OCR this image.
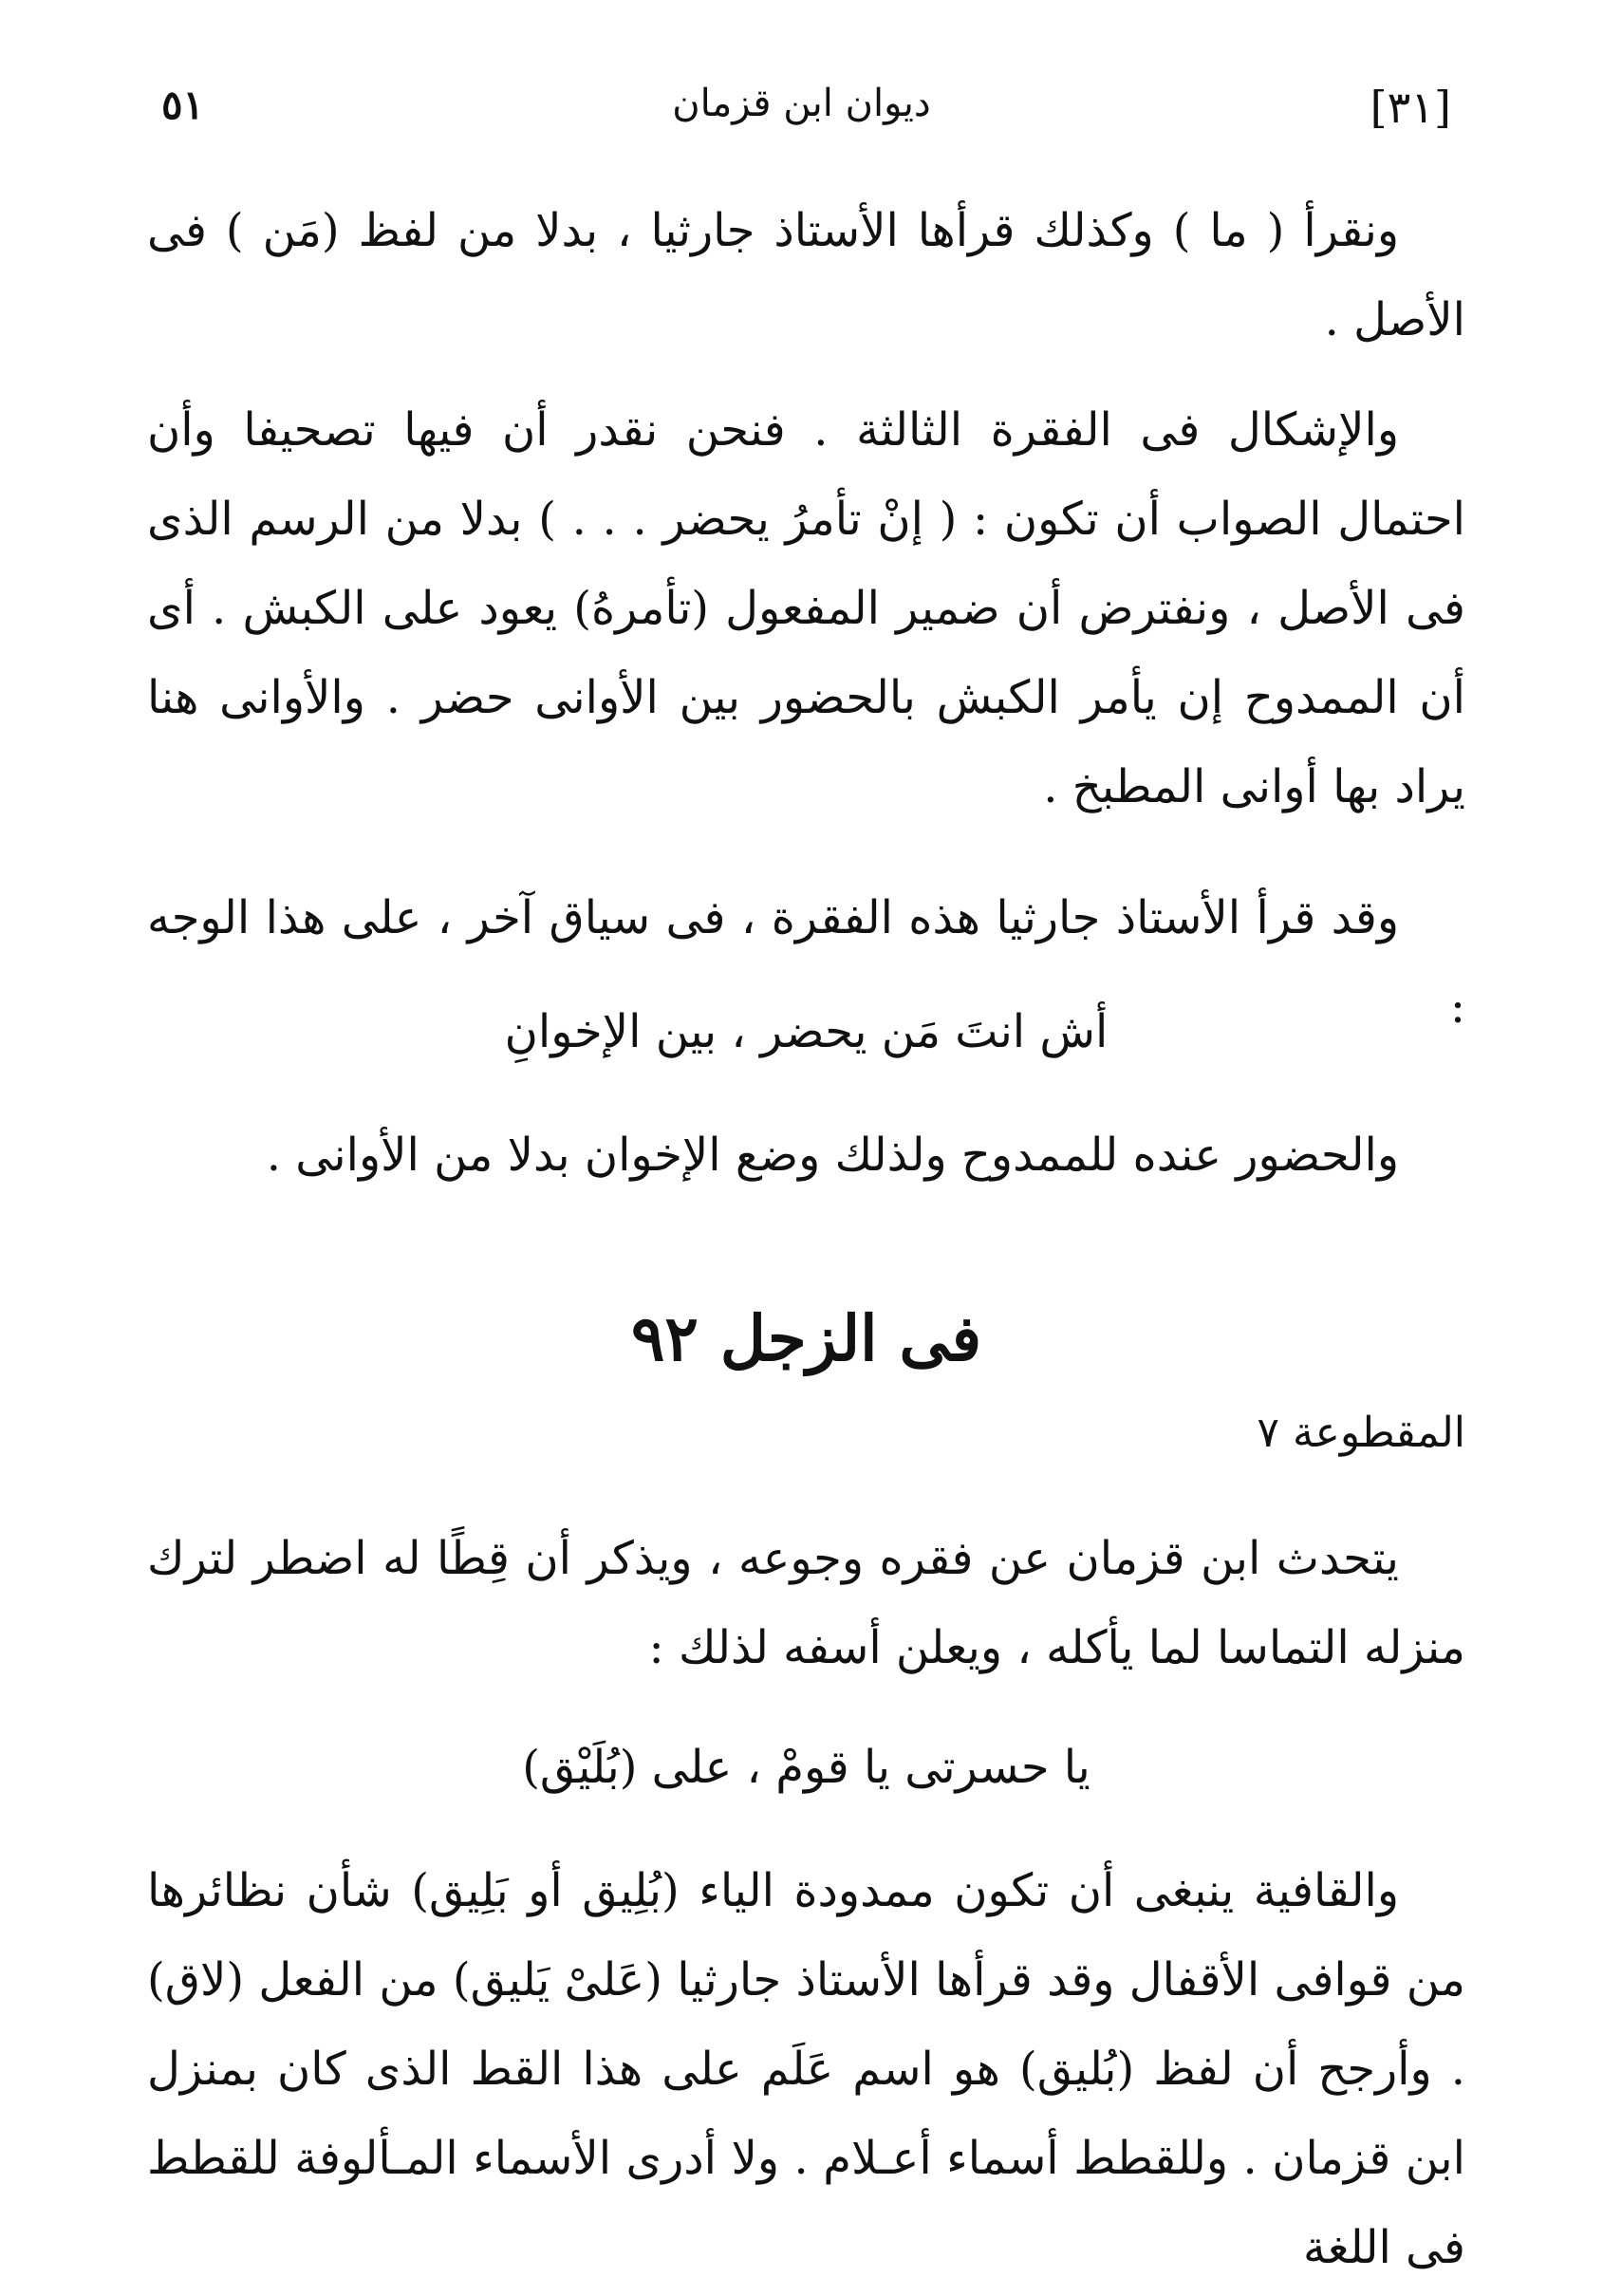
[٣١]
ديوان ابن قزمان
٥١

ونقرأ ( ما ) وكذلك قرأها الأستاذ جارثيا ، بدلا من لفظ (مَن ) فى الأصل .

والإشكال فى الفقرة الثالثة . فنحن نقدر أن فيها تصحيفا وأن احتمال الصواب أن تكون : ( إنْ تأمرُ يحضر . . . ) بدلا من الرسم الذى فى الأصل ، ونفترض أن ضمير المفعول (تأمرهُ) يعود على الكبش . أى أن الممدوح إن يأمر الكبش بالحضور بين الأوانى حضر . والأوانى هنا يراد بها أوانى المطبخ .

وقد قرأ الأستاذ جارثيا هذه الفقرة ، فى سياق آخر ، على هذا الوجه :

أش انتَ مَن يحضر ، بين الإخوانِ

والحضور عنده للممدوح ولذلك وضع الإخوان بدلا من الأوانى .

فى الزجل ٩٢
المقطوعة ٧

يتحدث ابن قزمان عن فقره وجوعه ، ويذكر أن قِطًا له اضطر لترك منزله التماسا لما يأكله ، ويعلن أسفه لذلك :

يا حسرتى يا قومْ ، على (بُلَيْق)

والقافية ينبغى أن تكون ممدودة الياء (بُلِيق أو بَلِيق) شأن نظائرها من قوافى الأقفال وقد قرأها الأستاذ جارثيا (عَلىْ يَليق) من الفعل (لاق) . وأرجح أن لفظ (بُليق) هو اسم عَلَم على هذا القط الذى كان بمنزل ابن قزمان . وللقطط أسماء أعـلام . ولا أدرى الأسماء المـألوفة للقطط فى اللغة
